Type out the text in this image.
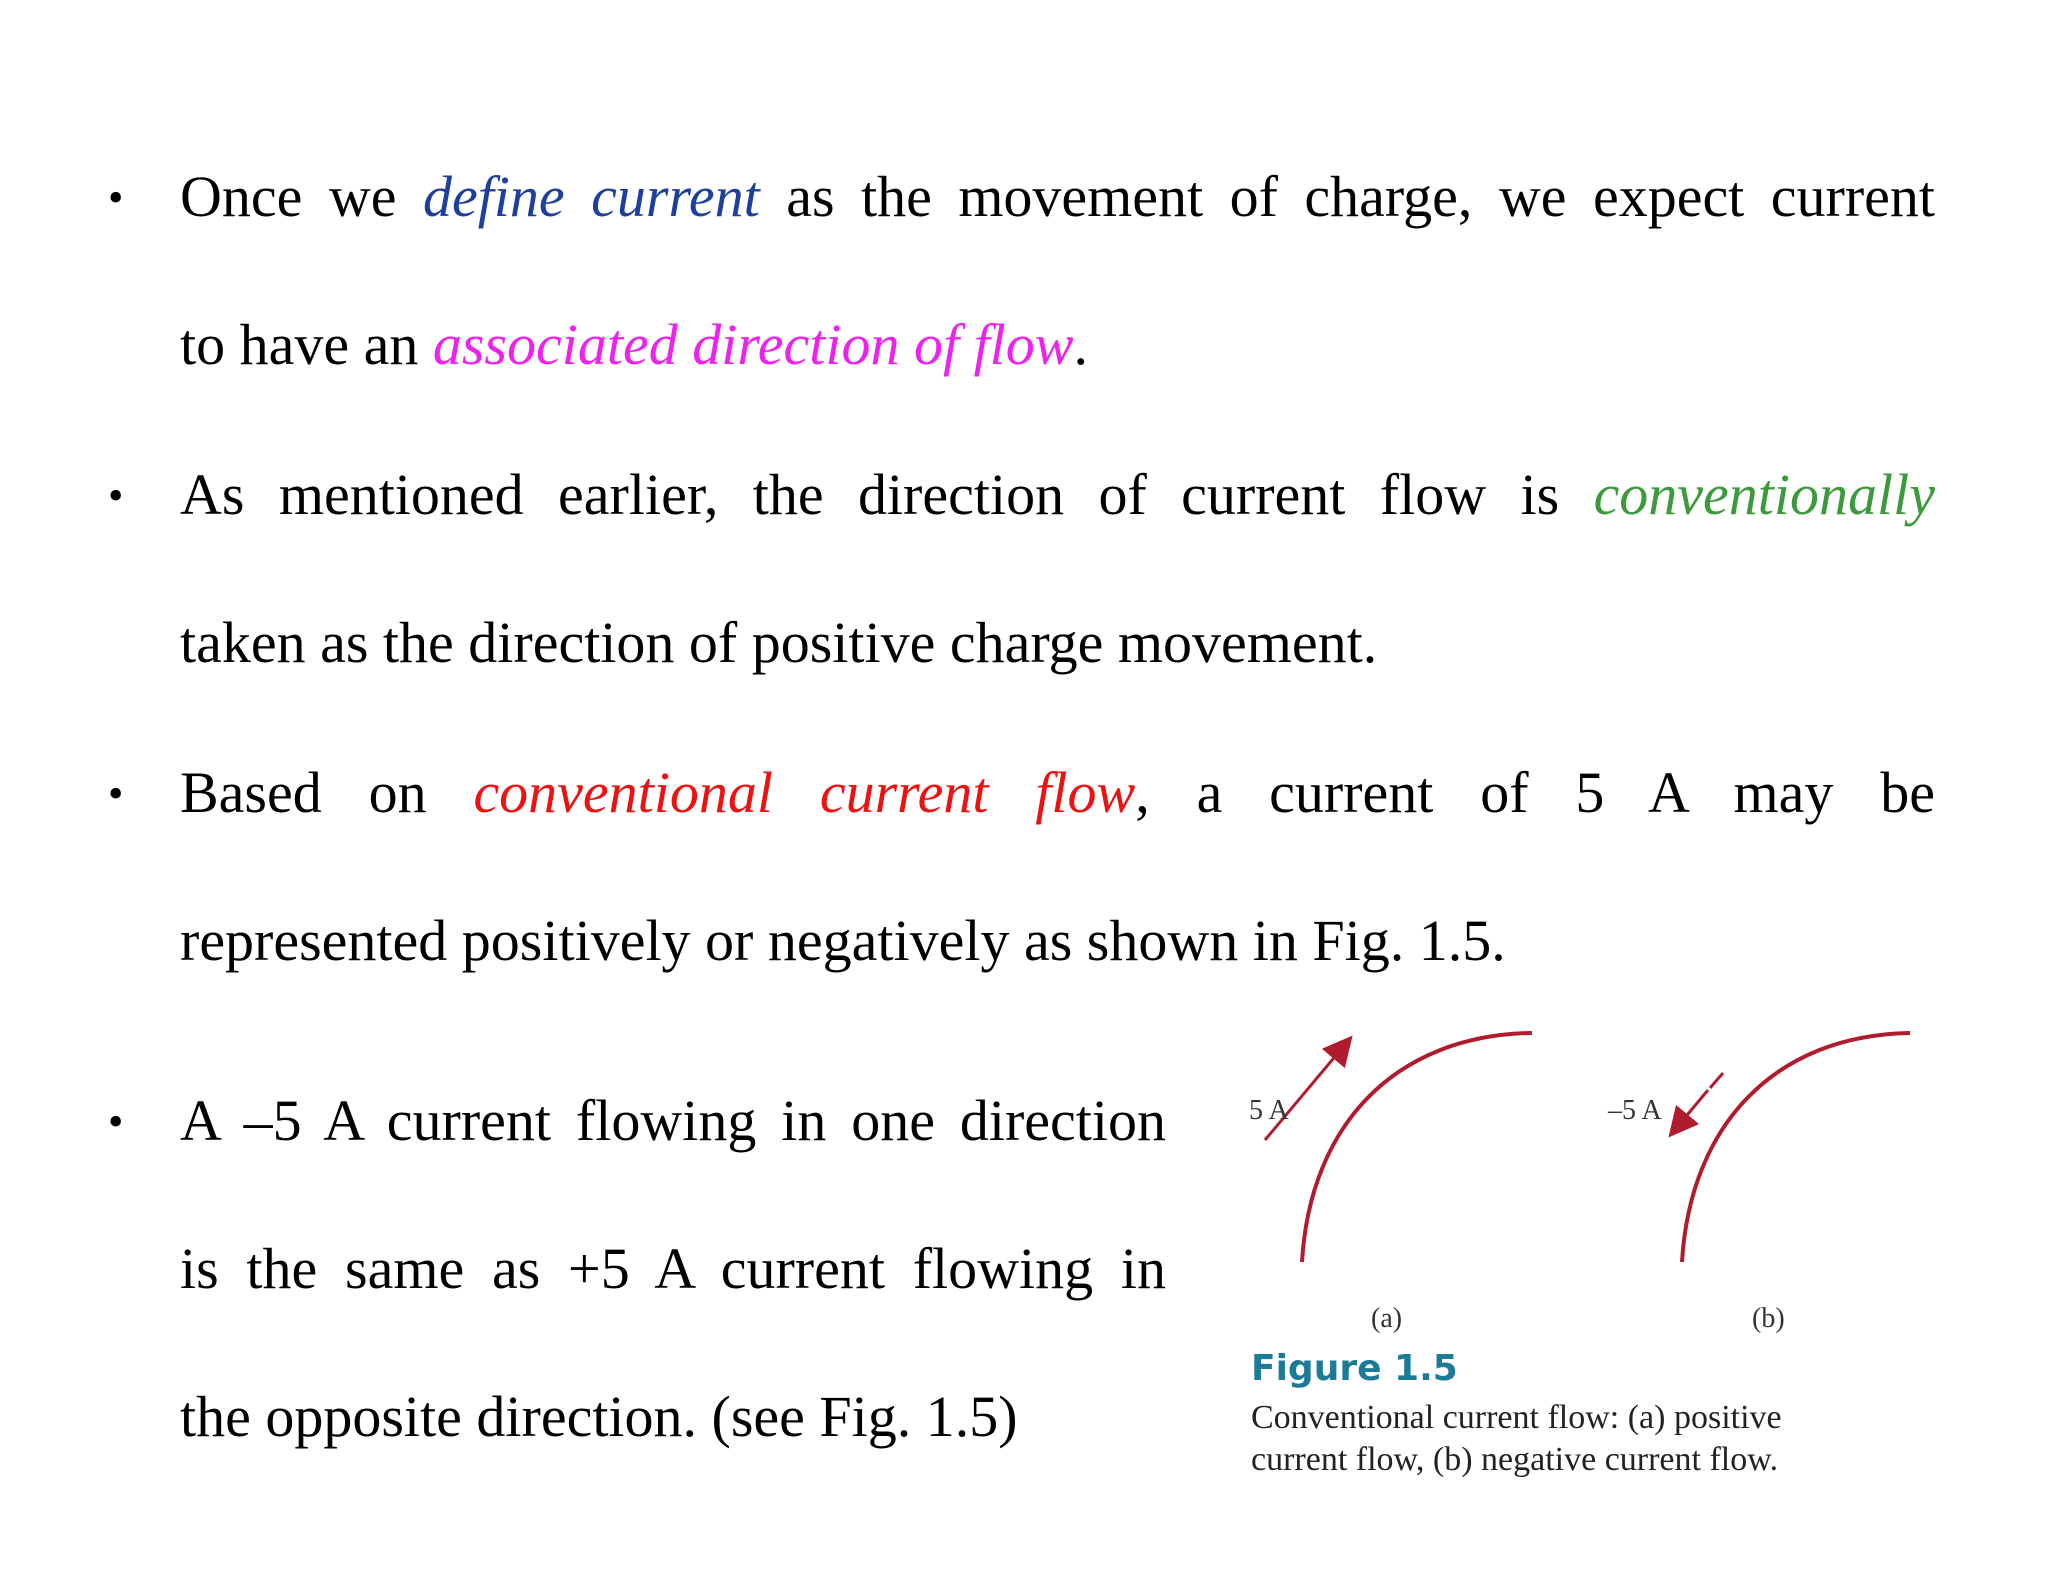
• Once we define current as the movement of charge, we expect current
to have an associated direction of flow.
• As mentioned earlier, the direction of current flow is conventionally
taken as the direction of positive charge movement.
• Based on conventional current flow, a current of 5 A may be
represented positively or negatively as shown in Fig. 1.5.
• A –5 A current flowing in one direction
is the same as +5 A current flowing in
the opposite direction. (see Fig. 1.5)
5 A	–5 A
(a)	(b)
Figure 1.5
Conventional current flow: (a) positive
current flow, (b) negative current flow.
